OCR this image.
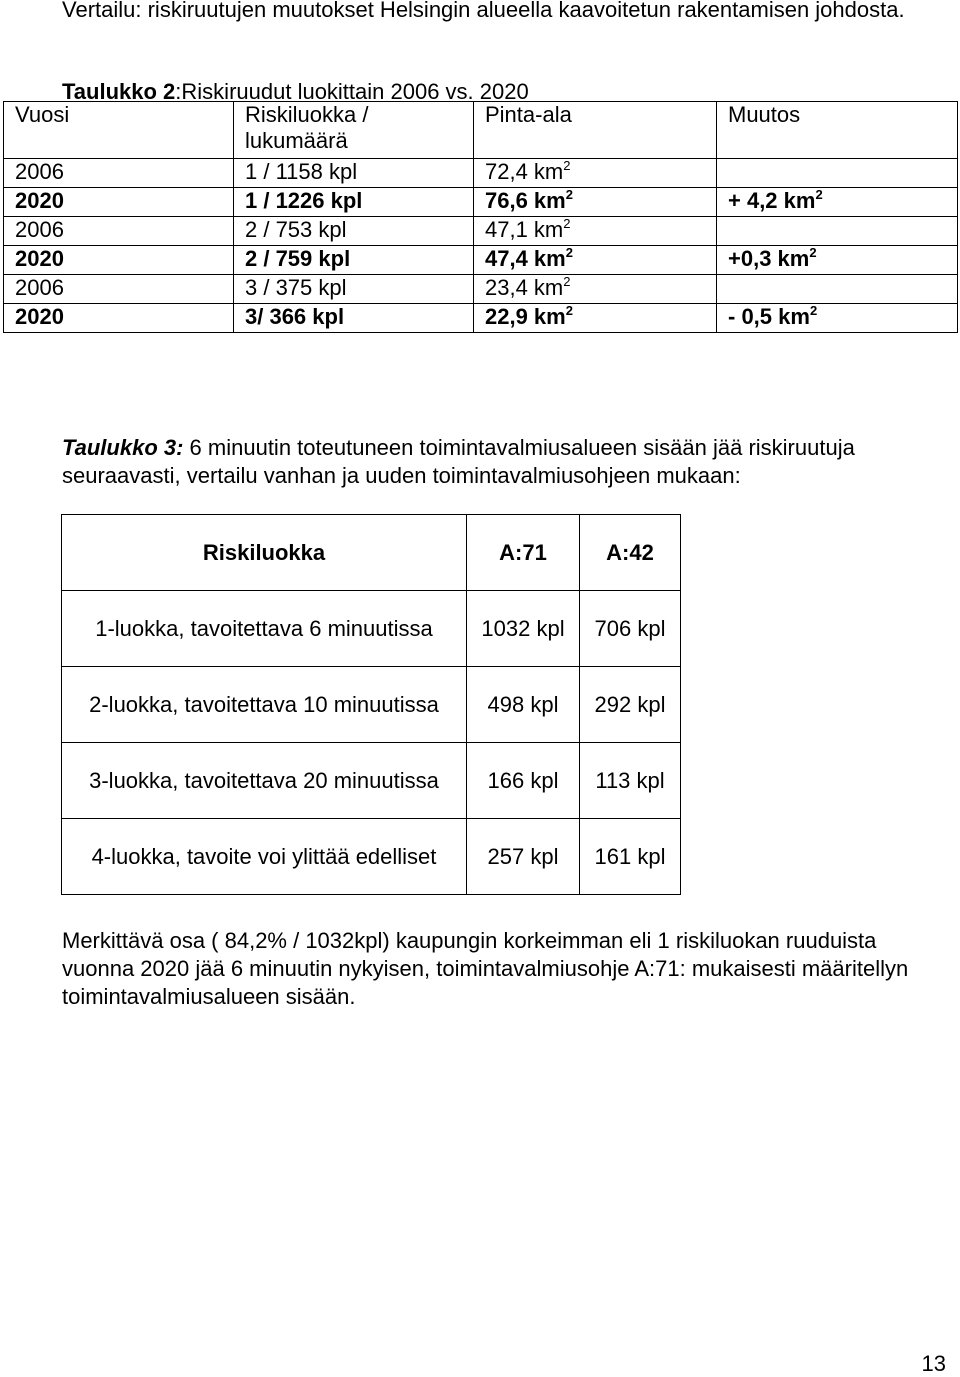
Vertailu: riskiruutujen muutokset Helsingin alueella kaavoitetun rakentamisen johdosta.
Taulukko 2:Riskiruudut luokittain 2006 vs. 2020
Vuosi	Riskiluokka / lukumäärä	Pinta-ala	Muutos
2006	1 / 1158 kpl	72,4 $km^2$	
2020	1 / 1226 kpl	76,6 $km^2$	+ 4,2 $km^2$
2006	2 / 753 kpl	47,1 $km^2$	
2020	2 / 759 kpl	47,4 $km^2$	+0,3 $km^2$
2006	3 / 375 kpl	23,4 $km^2$	
2020	3/ 366 kpl	22,9 $km^2$	- 0,5 $km^2$
Taulukko 3: 6 minuutin toteutuneen toimintavalmiusalueen sisään jää riskiruutuja seuraavasti, vertailu vanhan ja uuden toimintavalmiusohjeen mukaan:
Riskiluokka	A:71	A:42
1-luokka, tavoitettava 6 minuutissa	1032 kpl	706 kpl
2-luokka, tavoitettava 10 minuutissa	498 kpl	292 kpl
3-luokka, tavoitettava 20 minuutissa	166 kpl	113 kpl
4-luokka, tavoite voi ylittää edelliset	257 kpl	161 kpl
Merkittävä osa ( 84,2% / 1032kpl) kaupungin korkeimman eli 1 riskiluokan ruuduista vuonna 2020 jää 6 minuutin nykyisen, toimintavalmiusohje A:71: mukaisesti määritellyn toimintavalmiusalueen sisään.
13
